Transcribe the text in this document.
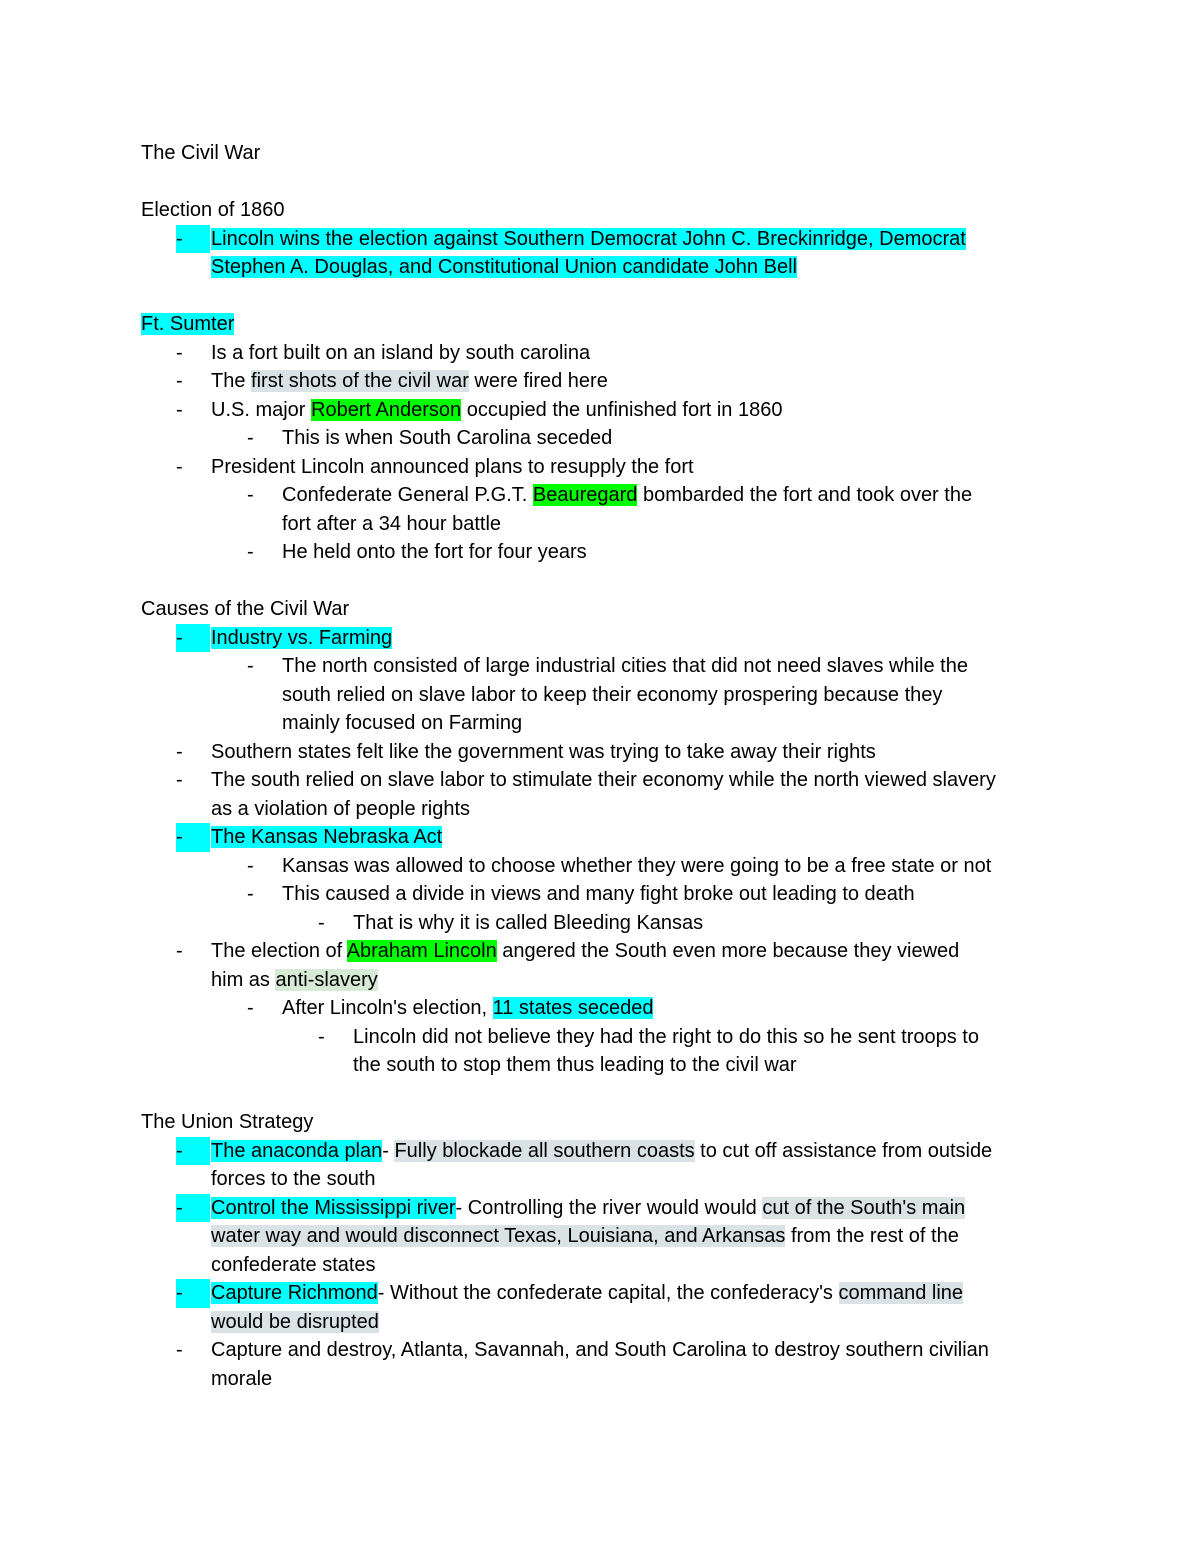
The Civil War
Election of 1860
-	Lincoln wins the election against Southern Democrat John C. Breckinridge, Democrat
Stephen A. Douglas, and Constitutional Union candidate John Bell
Ft. Sumter
- Is a fort built on an island by south carolina
- The first shots of the civil war were fired here
- U.S. major Robert Anderson occupied the unfinished fort in 1860
- This is when South Carolina seceded
- President Lincoln announced plans to resupply the fort
- Confederate General P.G.T. Beauregard bombarded the fort and took over the
fort after a 34 hour battle
- He held onto the fort for four years
Causes of the Civil War
-	Industry vs. Farming
- The north consisted of large industrial cities that did not need slaves while the
south relied on slave labor to keep their economy prospering because they
mainly focused on Farming
- Southern states felt like the government was trying to take away their rights
- The south relied on slave labor to stimulate their economy while the north viewed slavery
as a violation of people rights
-	The Kansas Nebraska Act
- Kansas was allowed to choose whether they were going to be a free state or not
- This caused a divide in views and many fight broke out leading to death
- That is why it is called Bleeding Kansas
- The election of Abraham Lincoln angered the South even more because they viewed
him as anti-slavery
- After Lincoln's election, 11 states seceded
- Lincoln did not believe they had the right to do this so he sent troops to
the south to stop them thus leading to the civil war
The Union Strategy
-	The anaconda plan- Fully blockade all southern coasts to cut off assistance from outside
forces to the south
-	Control the Mississippi river- Controlling the river would would cut of the South's main
water way and would disconnect Texas, Louisiana, and Arkansas from the rest of the
confederate states
-	Capture Richmond- Without the confederate capital, the confederacy's command line
would be disrupted
- Capture and destroy, Atlanta, Savannah, and South Carolina to destroy southern civilian
morale
